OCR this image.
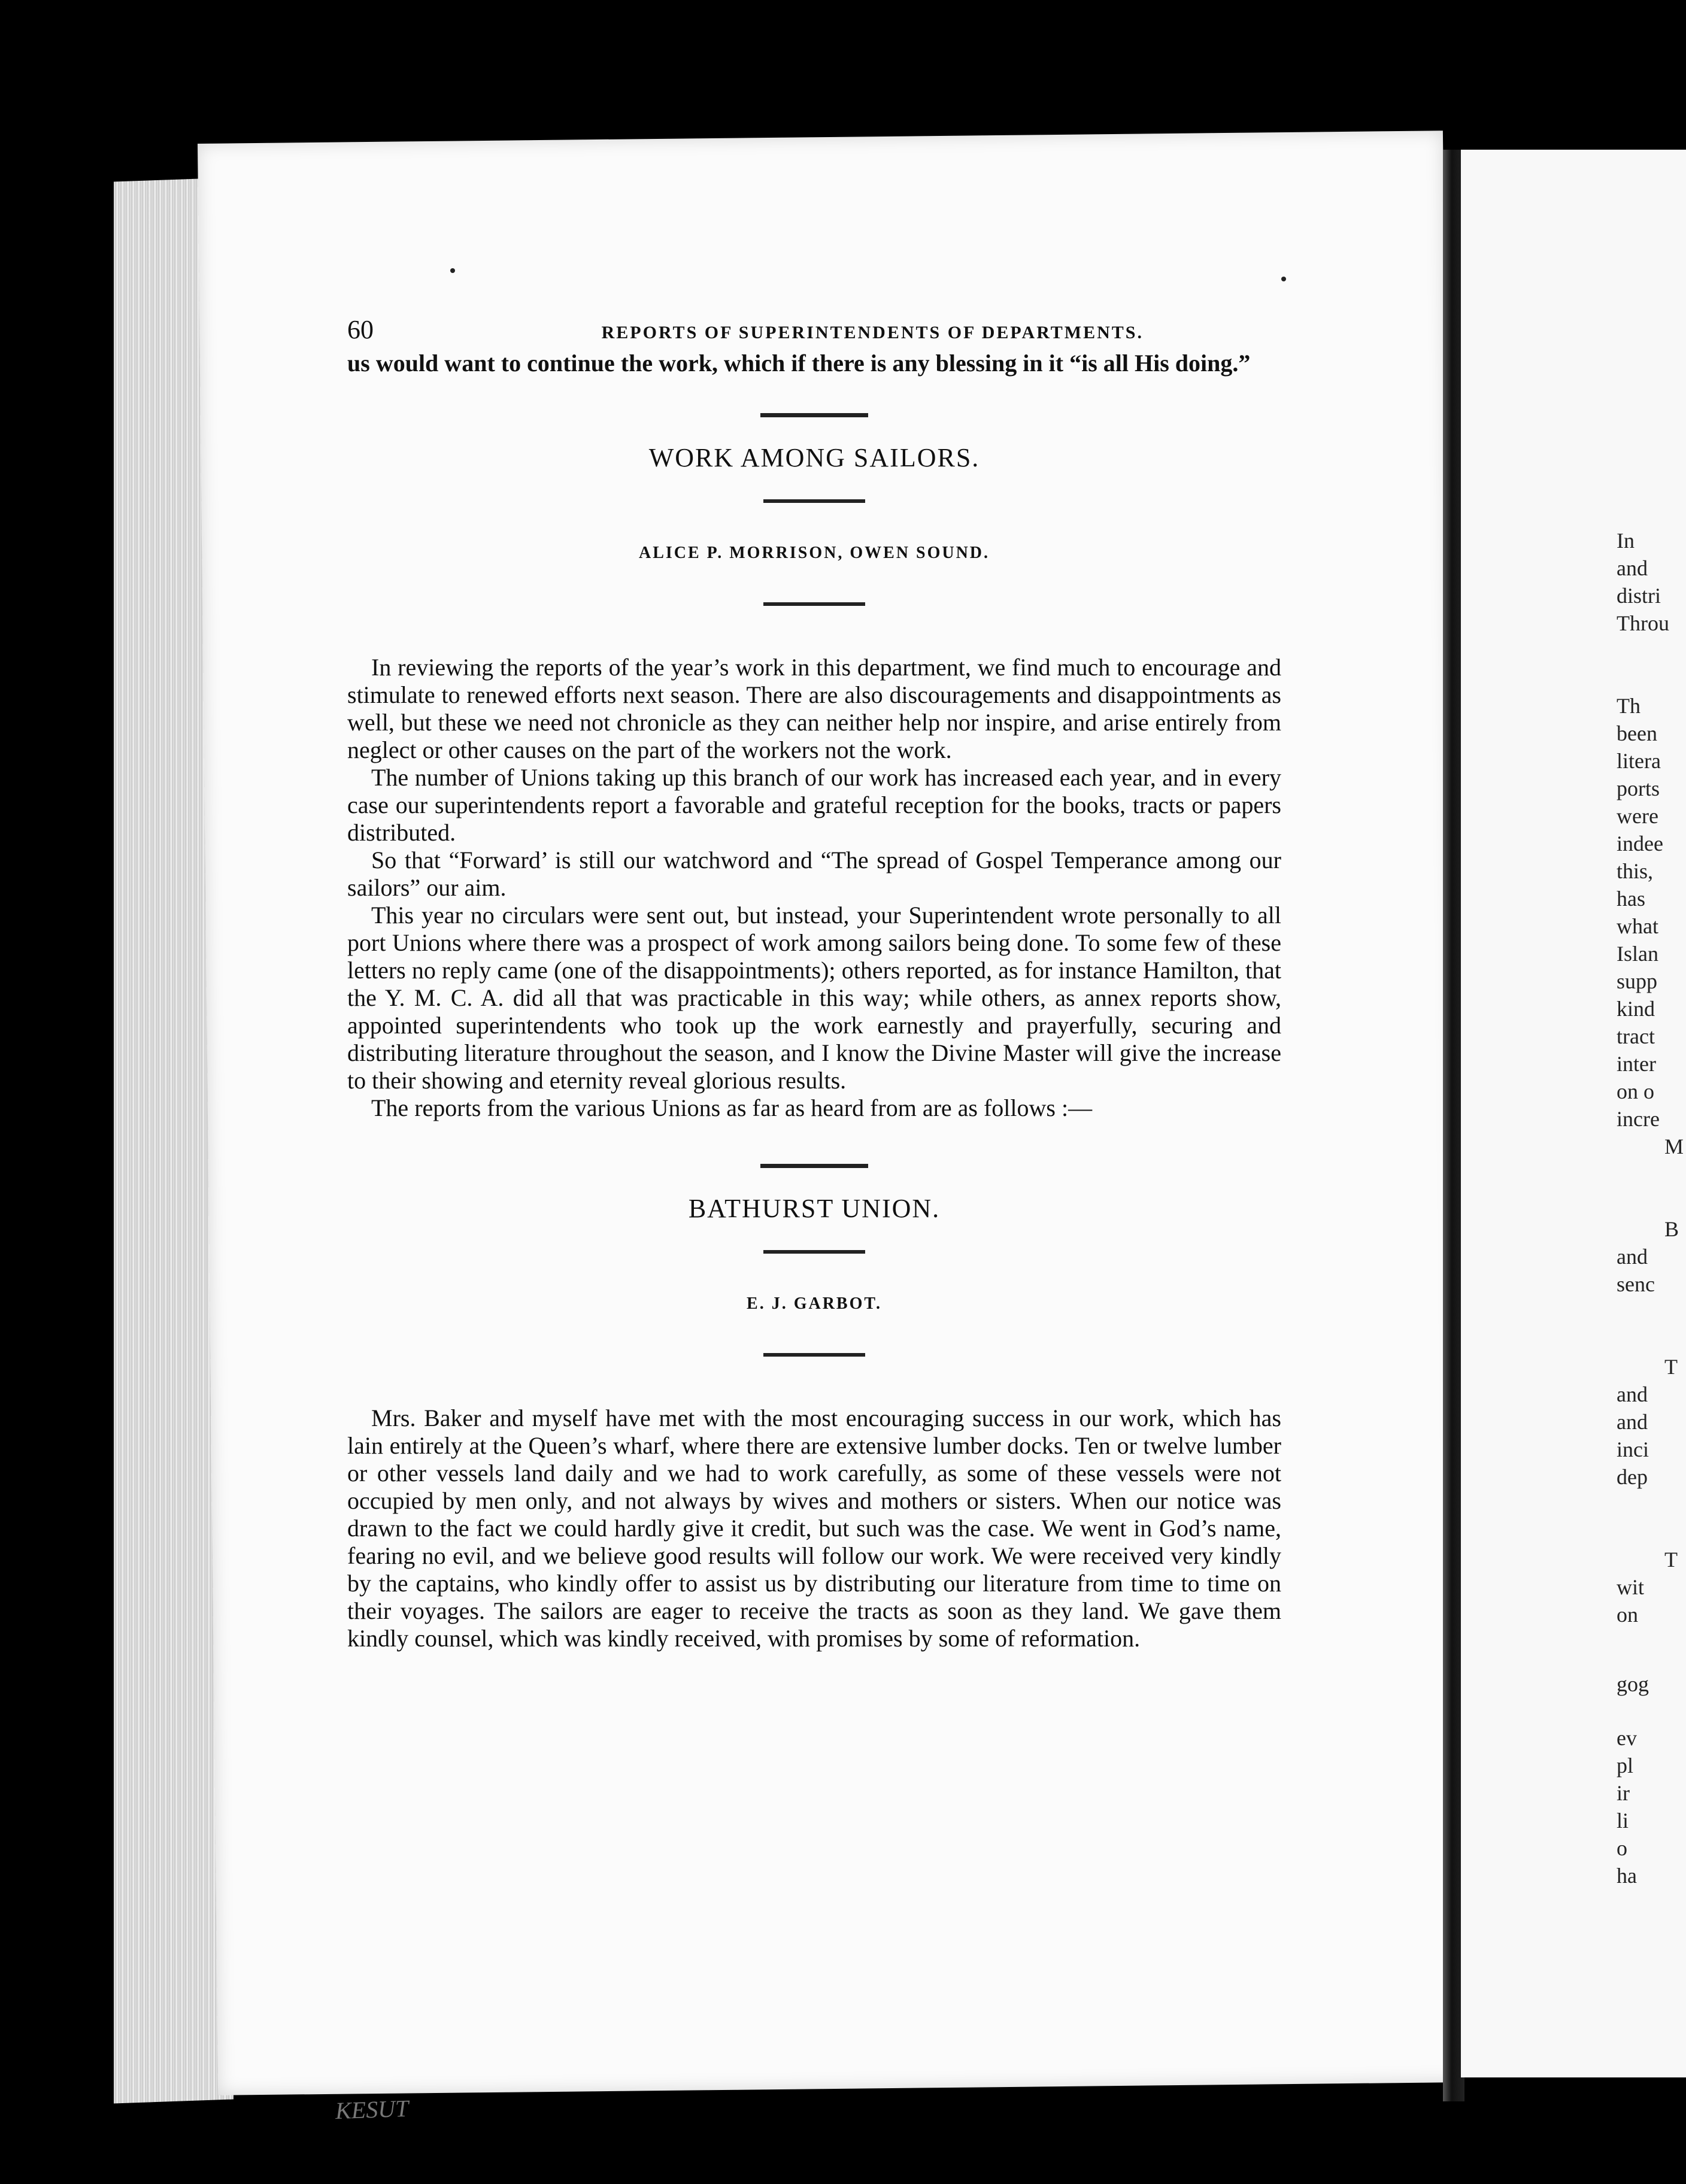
60	REPORTS OF SUPERINTENDENTS OF DEPARTMENTS.

us would want to continue the work, which if there is any blessing in it “is all His doing.”

WORK AMONG SAILORS.
ALICE P. MORRISON, OWEN SOUND.

In reviewing the reports of the year’s work in this department, we find much to encourage and stimulate to renewed efforts next season. There are also discouragements and disappointments as well, but these we need not chronicle as they can neither help nor inspire, and arise entirely from neglect or other causes on the part of the workers not the work.

The number of Unions taking up this branch of our work has increased each year, and in every case our superintendents report a favorable and grateful reception for the books, tracts or papers distributed.

So that “Forward’ is still our watchword and “The spread of Gospel Temperance among our sailors” our aim.

This year no circulars were sent out, but instead, your Superintendent wrote personally to all port Unions where there was a prospect of work among sailors being done. To some few of these letters no reply came (one of the disappointments); others reported, as for instance Hamilton, that the Y. M. C. A. did all that was practicable in this way; while others, as annex reports show, appointed superintendents who took up the work earnestly and prayerfully, securing and distributing literature throughout the season, and I know the Divine Master will give the increase to their showing and eternity reveal glorious results.

The reports from the various Unions as far as heard from are as follows :—

BATHURST UNION.
E. J. GARBOT.

Mrs. Baker and myself have met with the most encouraging success in our work, which has lain entirely at the Queen’s wharf, where there are extensive lumber docks. Ten or twelve lumber or other vessels land daily and we had to work carefully, as some of these vessels were not occupied by men only, and not always by wives and mothers or sisters. When our notice was drawn to the fact we could hardly give it credit, but such was the case. We went in God’s name, fearing no evil, and we believe good results will follow our work. We were received very kindly by the captains, who kindly offer to assist us by distributing our literature from time to time on their voyages. The sailors are eager to receive the tracts as soon as they land. We gave them kindly counsel, which was kindly received, with promises by some of reformation.

In
and
distri
Throu
Th
been
litera
ports
were
indee
this,
has
what
Islan
supp
kind
tract
inter
on o
incre
M
B
and
senc
T
and
and
inci
dep
T
wit
on
gog
ev
pl
ir
li
o
ha
KESUT
